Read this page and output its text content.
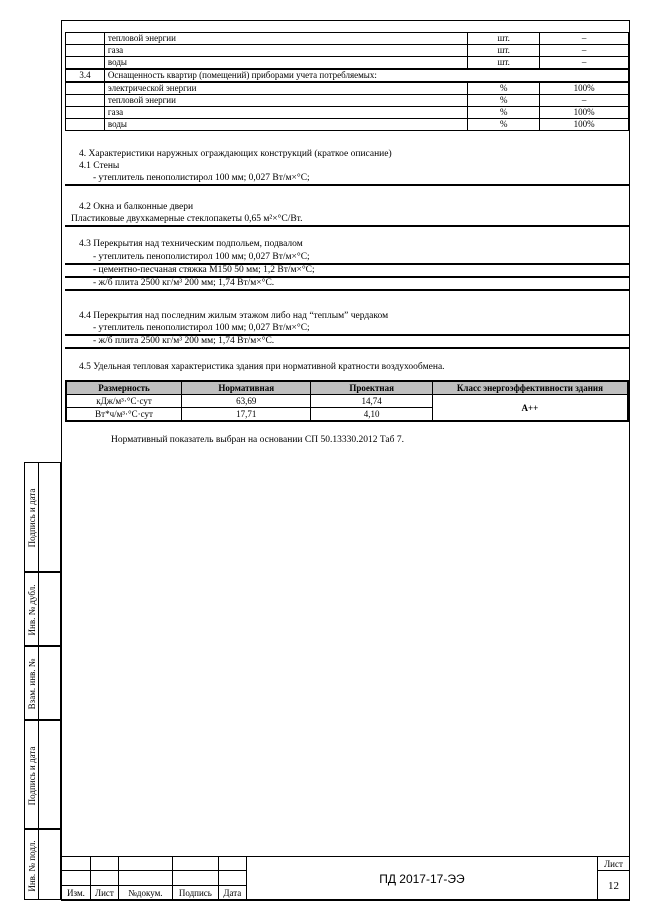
	тепловой энергии	шт.	–
	газа	шт.	–
	воды	шт.	–
3.4	Оснащенность квартир (помещений) приборами учета потребляемых:		
	электрической энергии	%	100%
	тепловой энергии	%	–
	газа	%	100%
	воды	%	100%
4. Характеристики наружных ограждающих конструкций (краткое описание)
4.1 Стены
- утеплитель пенополистирол 100 мм; 0,027 Вт/м×°С;
4.2 Окна и балконные двери
Пластиковые двухкамерные стеклопакеты 0,65 м²×°С/Вт.
4.3 Перекрытия над техническим подпольем, подвалом
- утеплитель пенополистирол 100 мм; 0,027 Вт/м×°С;
- цементно-песчаная стяжка М150 50 мм; 1,2 Вт/м×°С;
- ж/б плита 2500 кг/м³ 200 мм; 1,74 Вт/м×°С.
4.4 Перекрытия над последним жилым этажом либо над “теплым” чердаком
- утеплитель пенополистирол 100 мм; 0,027 Вт/м×°С;
- ж/б плита 2500 кг/м³ 200 мм; 1,74 Вт/м×°С.
4.5 Удельная тепловая характеристика здания при нормативной кратности воздухообмена.
Размерность	Нормативная	Проектная	Класс энергоэффективности здания
кДж/м³·°С·сут	63,69	14,74	А++
Вт*ч/м³·°С·сут	17,71	4,10	
Нормативный показатель выбран на основании СП 50.13330.2012 Таб 7.
Подпись и дата
Инв. № дубл.
Взам. инв. №
Подпись и дата
Инв. № подл.
						ПД 2017-17-ЭЭ	Лист
						12
Изм.	Лист	№докум.	Подпись	Дата		
